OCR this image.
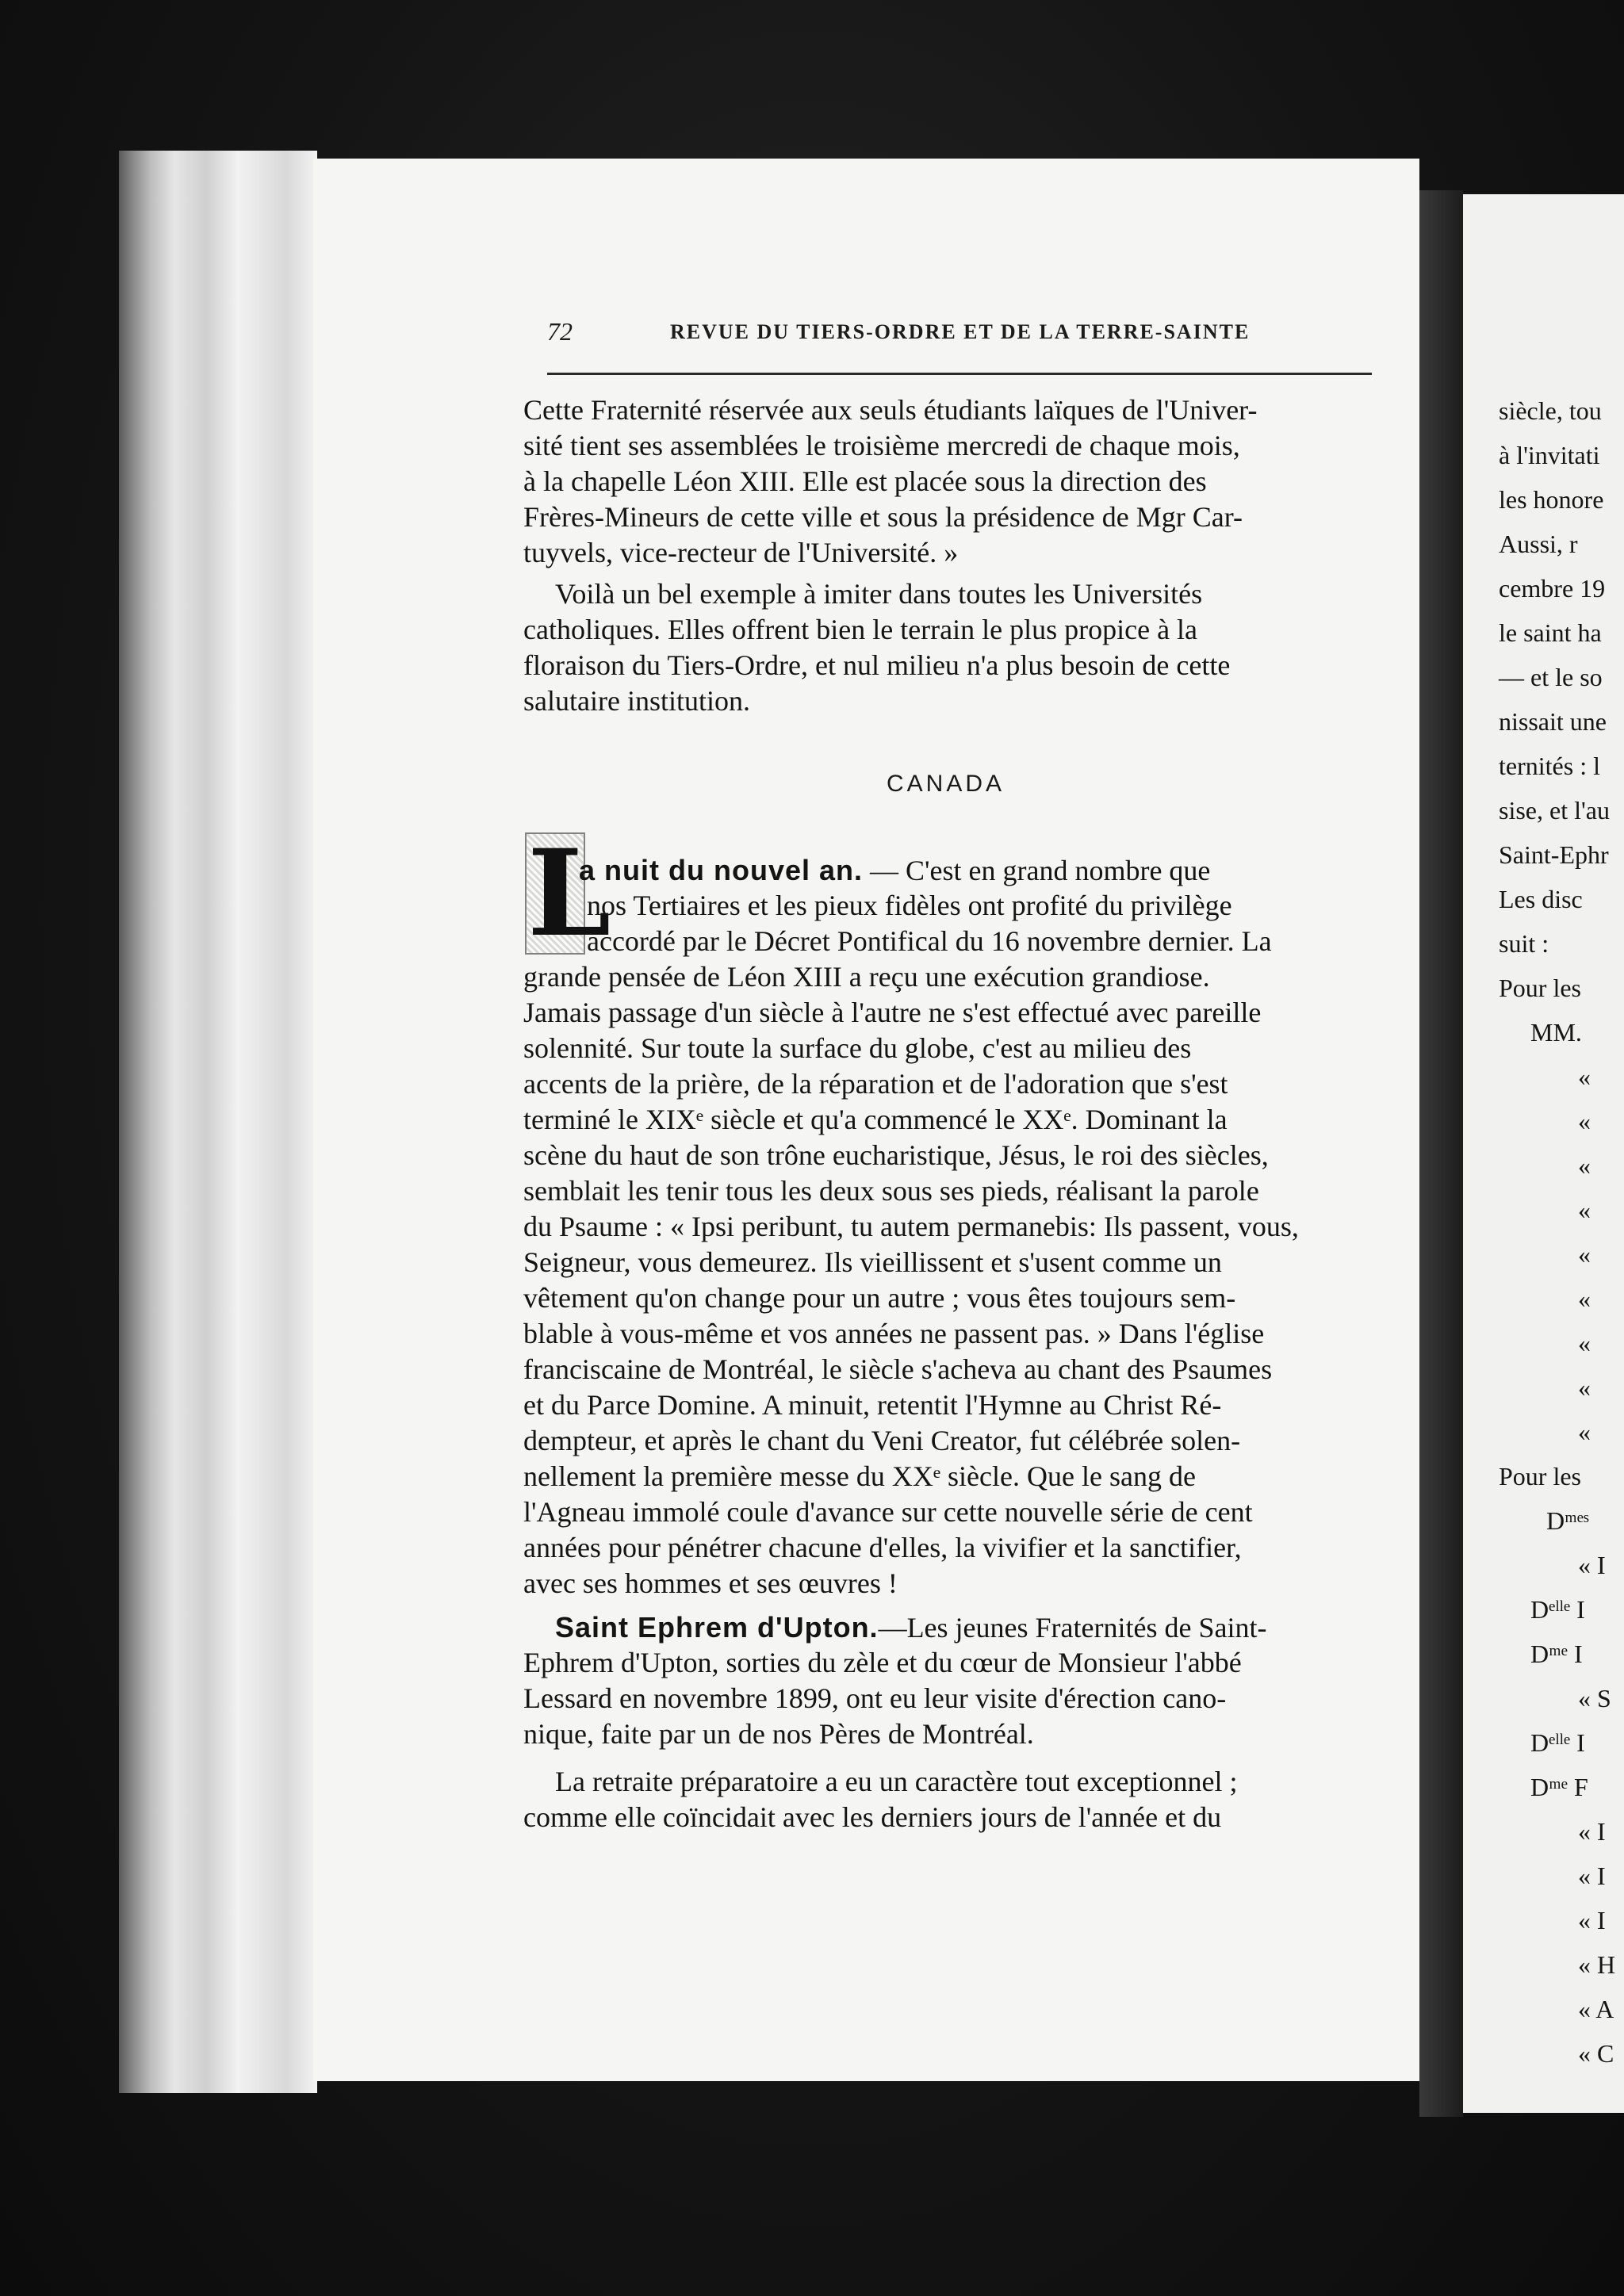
72	REVUE DU TIERS-ORDRE ET DE LA TERRE-SAINTE
Cette Fraternité réservée aux seuls étudiants laïques de l'Univer-
sité tient ses assemblées le troisième mercredi de chaque mois,
à la chapelle Léon XIII. Elle est placée sous la direction des
Frères-Mineurs de cette ville et sous la présidence de Mgr Car-
tuyvels, vice-recteur de l'Université. »
Voilà un bel exemple à imiter dans toutes les Universités
catholiques. Elles offrent bien le terrain le plus propice à la
floraison du Tiers-Ordre, et nul milieu n'a plus besoin de cette
salutaire institution.
CANADA
L
a nuit du nouvel an. — C'est en grand nombre que
nos Tertiaires et les pieux fidèles ont profité du privilège
accordé par le Décret Pontifical du 16 novembre dernier. La
grande pensée de Léon XIII a reçu une exécution grandiose.
Jamais passage d'un siècle à l'autre ne s'est effectué avec pareille
solennité. Sur toute la surface du globe, c'est au milieu des
accents de la prière, de la réparation et de l'adoration que s'est
terminé le XIXᵉ siècle et qu'a commencé le XXᵉ. Dominant la
scène du haut de son trône eucharistique, Jésus, le roi des siècles,
semblait les tenir tous les deux sous ses pieds, réalisant la parole
du Psaume : « Ipsi peribunt, tu autem permanebis: Ils passent, vous,
Seigneur, vous demeurez. Ils vieillissent et s'usent comme un
vêtement qu'on change pour un autre ; vous êtes toujours sem-
blable à vous-même et vos années ne passent pas. » Dans l'église
franciscaine de Montréal, le siècle s'acheva au chant des Psaumes
et du Parce Domine. A minuit, retentit l'Hymne au Christ Ré-
dempteur, et après le chant du Veni Creator, fut célébrée solen-
nellement la première messe du XXᵉ siècle. Que le sang de
l'Agneau immolé coule d'avance sur cette nouvelle série de cent
années pour pénétrer chacune d'elles, la vivifier et la sanctifier,
avec ses hommes et ses œuvres !
Saint Ephrem d'Upton.—Les jeunes Fraternités de Saint-
Ephrem d'Upton, sorties du zèle et du cœur de Monsieur l'abbé
Lessard en novembre 1899, ont eu leur visite d'érection cano-
nique, faite par un de nos Pères de Montréal.
La retraite préparatoire a eu un caractère tout exceptionnel ;
comme elle coïncidait avec les derniers jours de l'année et du
siècle, tou
à l'invitati
les honore
Aussi, r
cembre 19
le saint ha
— et le so
nissait une
ternités : l
sise, et l'au
Saint-Ephr
Les disc
suit :
Pour les
MM.
«
«
«
«
«
«
«
«
«
Pour les
Dᵐᵉˢ
« I
Dᵉˡˡᵉ I
Dᵐᵉ I
« S
Dᵉˡˡᵉ I
Dᵐᵉ F
« I
« I
« I
« H
« A
« C
